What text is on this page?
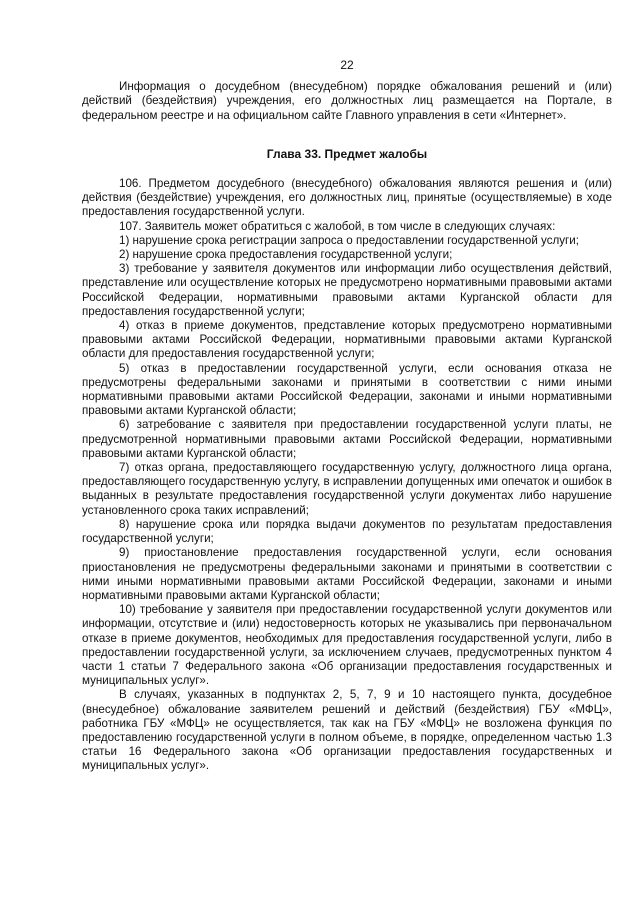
22

Информация о досудебном (внесудебном) порядке обжалования решений и (или) действий (бездействия) учреждения, его должностных лиц размещается на Портале, в федеральном реестре и на официальном сайте Главного управления в сети «Интернет».

Глава 33. Предмет жалобы

106. Предметом досудебного (внесудебного) обжалования являются решения и (или) действия (бездействие) учреждения, его должностных лиц, принятые (осуществляемые) в ходе предоставления государственной услуги.

107. Заявитель может обратиться с жалобой, в том числе в следующих случаях:

1) нарушение срока регистрации запроса о предоставлении государственной услуги;

2) нарушение срока предоставления государственной услуги;

3) требование у заявителя документов или информации либо осуществления действий, представление или осуществление которых не предусмотрено нормативными правовыми актами Российской Федерации, нормативными правовыми актами Курганской области для предоставления государственной услуги;

4) отказ в приеме документов, представление которых предусмотрено нормативными правовыми актами Российской Федерации, нормативными правовыми актами Курганской области для предоставления государственной услуги;

5) отказ в предоставлении государственной услуги, если основания отказа не предусмотрены федеральными законами и принятыми в соответствии с ними иными нормативными правовыми актами Российской Федерации, законами и иными нормативными правовыми актами Курганской области;

6) затребование с заявителя при предоставлении государственной услуги платы, не предусмотренной нормативными правовыми актами Российской Федерации, нормативными правовыми актами Курганской области;

7) отказ органа, предоставляющего государственную услугу, должностного лица органа, предоставляющего государственную услугу, в исправлении допущенных ими опечаток и ошибок в выданных в результате предоставления государственной услуги документах либо нарушение установленного срока таких исправлений;

8) нарушение срока или порядка выдачи документов по результатам предоставления государственной услуги;

9) приостановление предоставления государственной услуги, если основания приостановления не предусмотрены федеральными законами и принятыми в соответствии с ними иными нормативными правовыми актами Российской Федерации, законами и иными нормативными правовыми актами Курганской области;

10) требование у заявителя при предоставлении государственной услуги документов или информации, отсутствие и (или) недостоверность которых не указывались при первоначальном отказе в приеме документов, необходимых для предоставления государственной услуги, либо в предоставлении государственной услуги, за исключением случаев, предусмотренных пунктом 4 части 1 статьи 7 Федерального закона «Об организации предоставления государственных и муниципальных услуг».

В случаях, указанных в подпунктах 2, 5, 7, 9 и 10 настоящего пункта, досудебное (внесудебное) обжалование заявителем решений и действий (бездействия) ГБУ «МФЦ», работника ГБУ «МФЦ» не осуществляется, так как на ГБУ «МФЦ» не возложена функция по предоставлению государственной услуги в полном объеме, в порядке, определенном частью 1.3 статьи 16 Федерального закона «Об организации предоставления государственных и муниципальных услуг».
